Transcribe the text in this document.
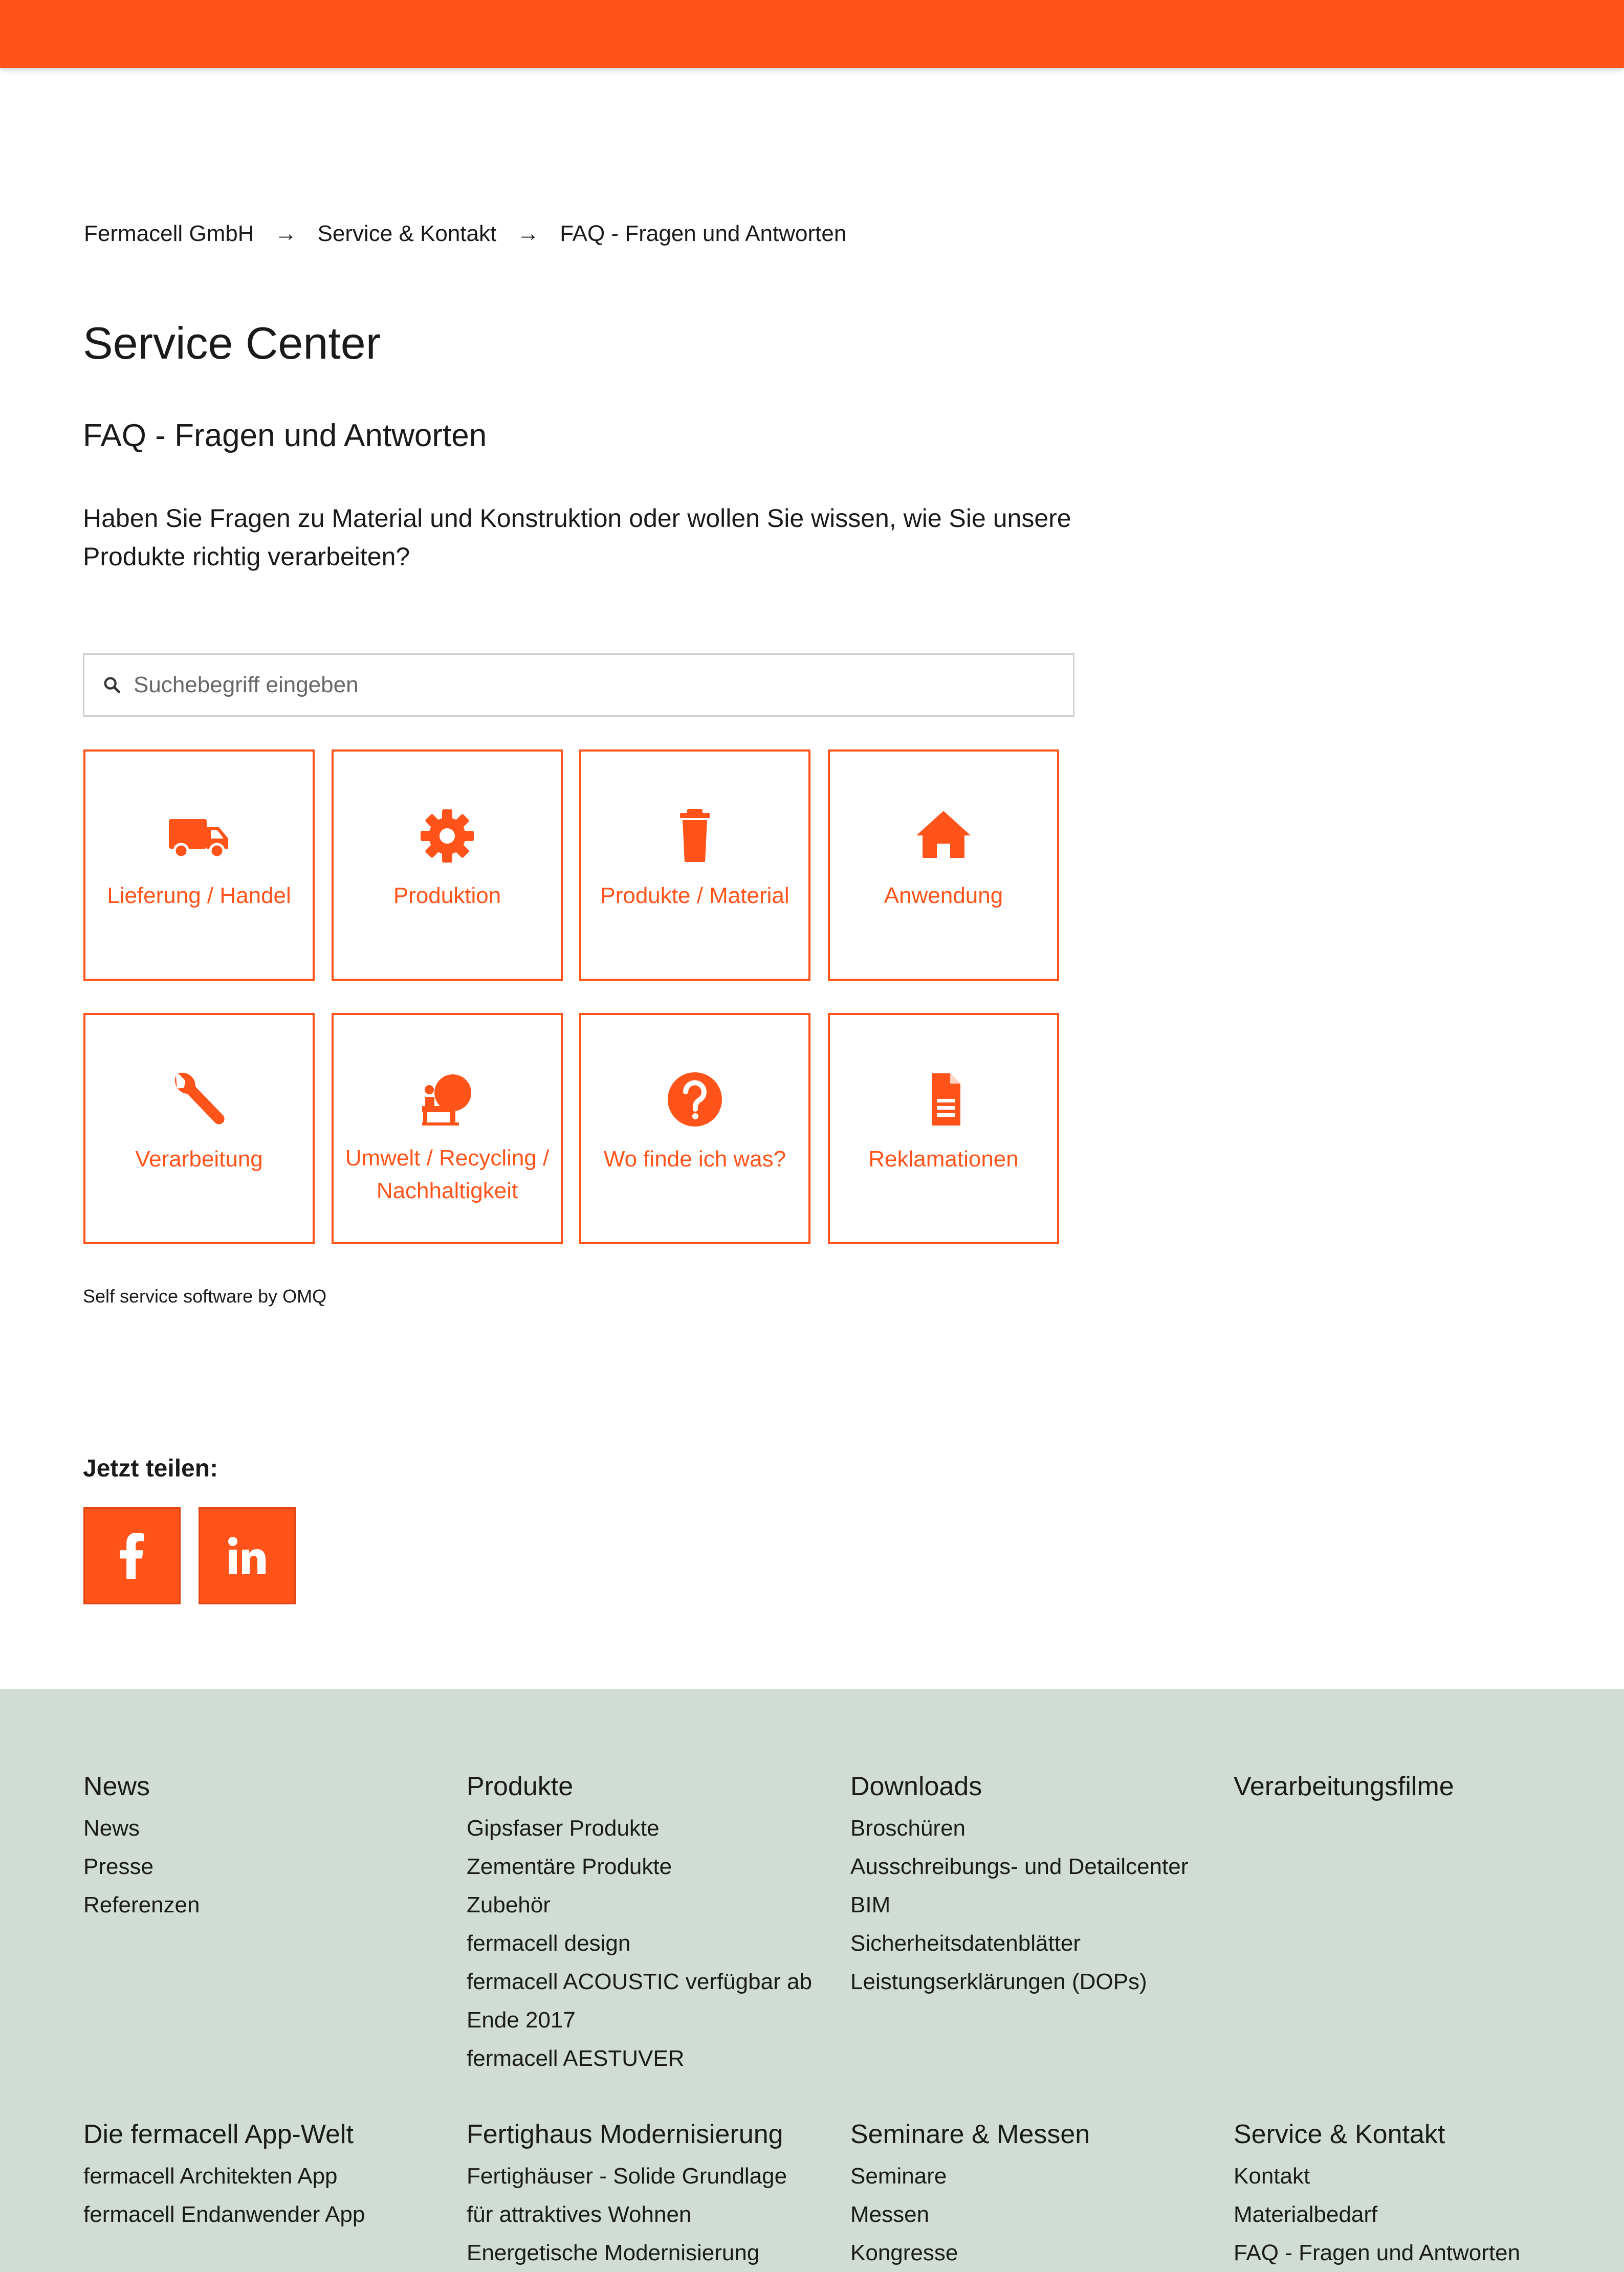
Fermacell GmbH → Service & Kontakt → FAQ - Fragen und Antworten
Service Center
FAQ - Fragen und Antworten

Haben Sie Fragen zu Material und Konstruktion oder wollen Sie wissen, wie Sie unsere
Produkte richtig verarbeiten?

Suchebegriff eingeben
Lieferung / Handel	Produktion	Produkte / Material	Anwendung
Verarbeitung	Umwelt / Recycling /
Nachhaltigkeit
Wo finde ich was?	Reklamationen
Self service software by OMQ
Jetzt teilen:
News
News
Presse
Referenzen
Produkte
Gipsfaser Produkte
Zementäre Produkte
Zubehör
fermacell design
fermacell ACOUSTIC verfügbar ab
Ende 2017
fermacell AESTUVER
Downloads
Broschüren
Ausschreibungs- und Detailcenter
BIM
Sicherheitsdatenblätter
Leistungserklärungen (DOPs)
Verarbeitungsfilme
Die fermacell App-Welt
fermacell Architekten App
fermacell Endanwender App
Fertighaus Modernisierung
Fertighäuser - Solide Grundlage
für attraktives Wohnen
Energetische Modernisierung
Seminare & Messen
Seminare
Messen
Kongresse
Service & Kontakt
Kontakt
Materialbedarf
FAQ - Fragen und Antworten
